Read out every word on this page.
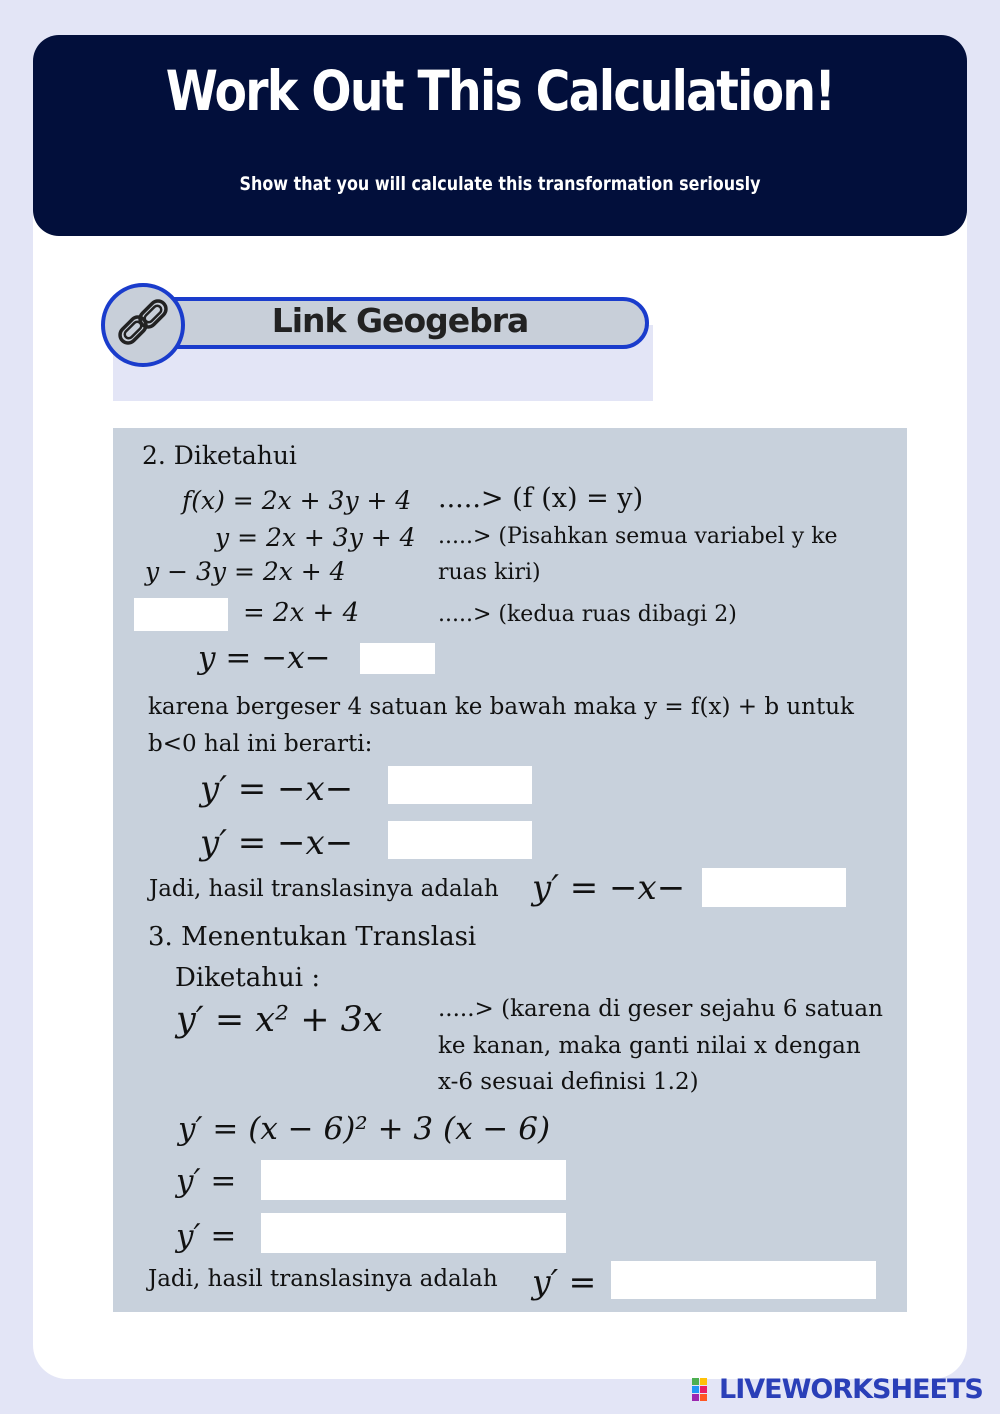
Work Out This Calculation!
Show that you will calculate this transformation seriously
Link Geogebra
2. Diketahui
f(x) = 2x + 3y + 4 .....> (f (x) = y)
y = 2x + 3y + 4 .....> (Pisahkan semua variabel y ke
y − 3y = 2x + 4	ruas kiri)
= 2x + 4	.....> (kedua ruas dibagi 2)
y = −x−
karena bergeser 4 satuan ke bawah maka y = f(x) + b untuk
b<0 hal ini berarti:
y′ = −x−
y′ = −x−
Jadi, hasil translasinya adalah y′ = −x−
3. Menentukan Translasi
Diketahui :
y′ = x² + 3x .....> (karena di geser sejahu 6 satuan
ke kanan, maka ganti nilai x dengan
x-6 sesuai definisi 1.2)
y′ = (x − 6)² + 3 (x − 6)
y′ =
y′ =
Jadi, hasil translasinya adalah y′ =
LIVEWORKSHEETS
